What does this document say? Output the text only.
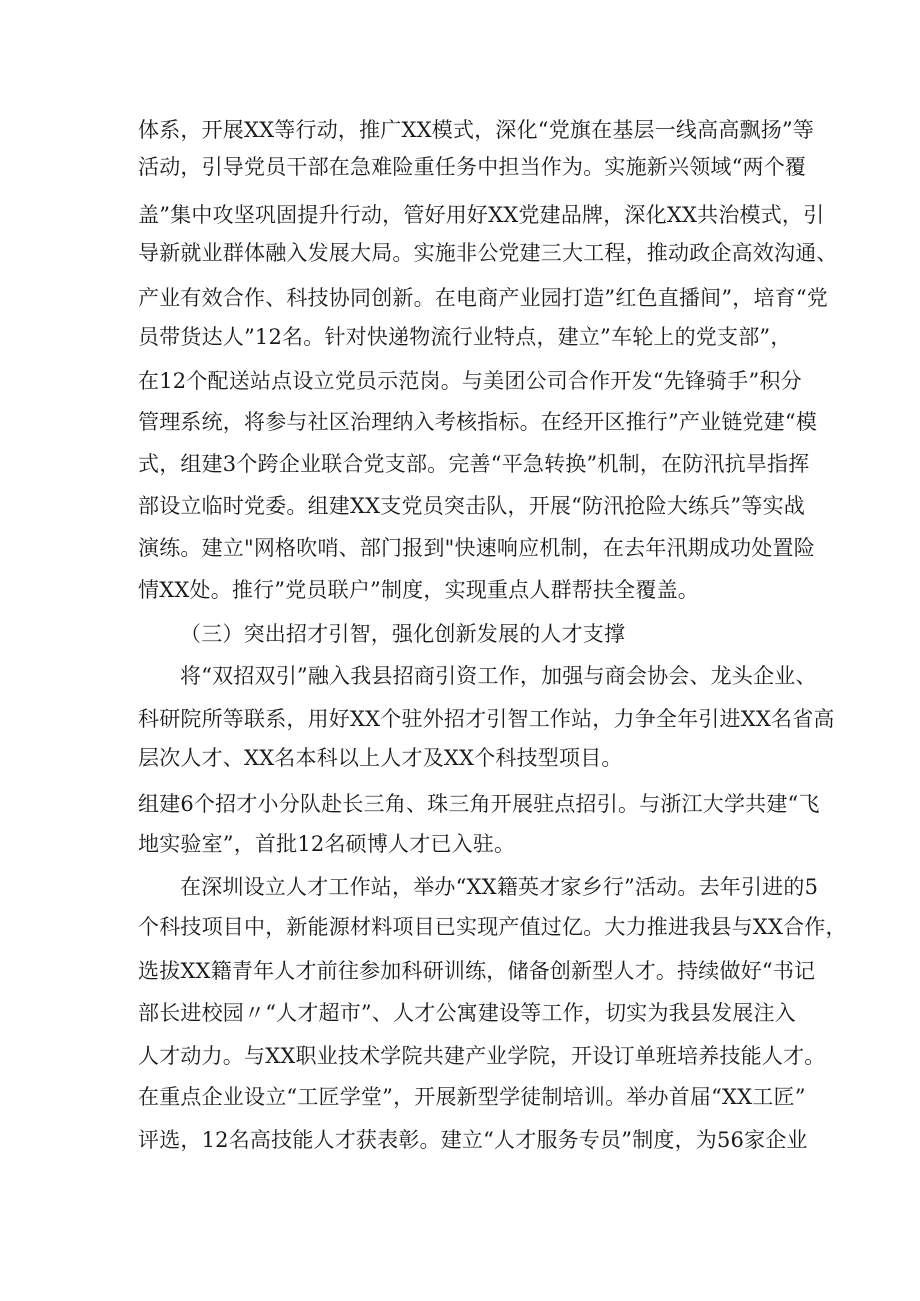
体系，开展XX等行动，推广XX模式，深化“党旗在基层一线高高飘扬”等
活动，引导党员干部在急难险重任务中担当作为。实施新兴领域“两个覆
盖”集中攻坚巩固提升行动，管好用好XX党建品牌，深化XX共治模式，引
导新就业群体融入发展大局。实施非公党建三大工程，推动政企高效沟通、
产业有效合作、科技协同创新。在电商产业园打造”红色直播间”，培育“党
员带货达人”12名。针对快递物流行业特点，建立”车轮上的党支部”，
在12个配送站点设立党员示范岗。与美团公司合作开发“先锋骑手”积分
管理系统，将参与社区治理纳入考核指标。在经开区推行”产业链党建“模
式，组建3个跨企业联合党支部。完善“平急转换”机制，在防汛抗旱指挥
部设立临时党委。组建XX支党员突击队，开展“防汛抢险大练兵”等实战
演练。建立"网格吹哨、部门报到"快速响应机制，在去年汛期成功处置险
情XX处。推行”党员联户”制度，实现重点人群帮扶全覆盖。
（三）突出招才引智，强化创新发展的人才支撑
将“双招双引”融入我县招商引资工作，加强与商会协会、龙头企业、
科研院所等联系，用好XX个驻外招才引智工作站，力争全年引进XX名省高
层次人才、XX名本科以上人才及XX个科技型项目。
组建6个招才小分队赴长三角、珠三角开展驻点招引。与浙江大学共建“飞
地实验室”，首批12名硕博人才已入驻。
在深圳设立人才工作站，举办“XX籍英才家乡行”活动。去年引进的5
个科技项目中，新能源材料项目已实现产值过亿。大力推进我县与XX合作，
选拔XX籍青年人才前往参加科研训练，储备创新型人才。持续做好“书记
部长进校园〃“人才超市”、人才公寓建设等工作，切实为我县发展注入
人才动力。与XX职业技术学院共建产业学院，开设订单班培养技能人才。
在重点企业设立“工匠学堂”，开展新型学徒制培训。举办首届“XX工匠”
评选，12名高技能人才获表彰。建立“人才服务专员”制度，为56家企业
